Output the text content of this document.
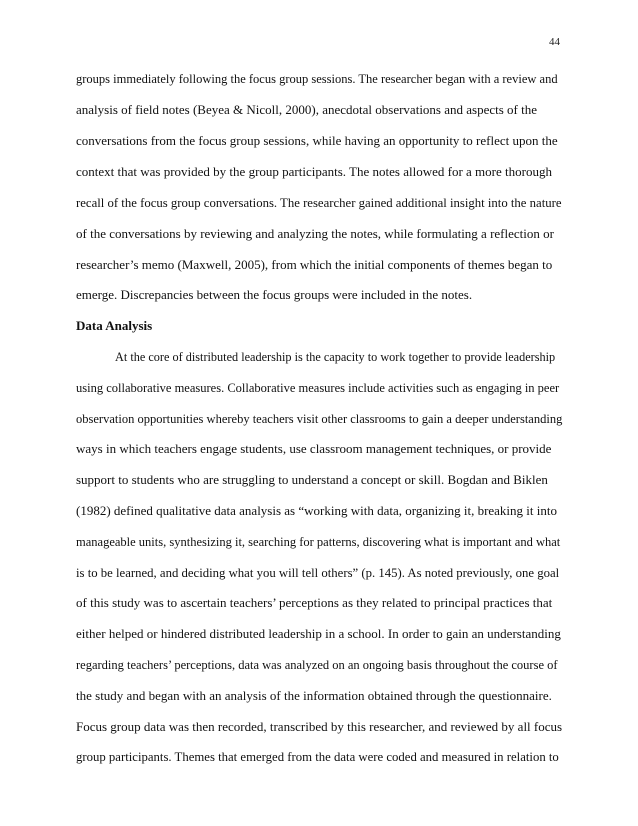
44
groups immediately following the focus group sessions. The researcher began with a review and
analysis of field notes (Beyea & Nicoll, 2000), anecdotal observations and aspects of the
conversations from the focus group sessions, while having an opportunity to reflect upon the
context that was provided by the group participants. The notes allowed for a more thorough
recall of the focus group conversations. The researcher gained additional insight into the nature
of the conversations by reviewing and analyzing the notes, while formulating a reflection or
researcher’s memo (Maxwell, 2005), from which the initial components of themes began to
emerge. Discrepancies between the focus groups were included in the notes.
Data Analysis
At the core of distributed leadership is the capacity to work together to provide leadership
using collaborative measures. Collaborative measures include activities such as engaging in peer
observation opportunities whereby teachers visit other classrooms to gain a deeper understanding
ways in which teachers engage students, use classroom management techniques, or provide
support to students who are struggling to understand a concept or skill. Bogdan and Biklen
(1982) defined qualitative data analysis as “working with data, organizing it, breaking it into
manageable units, synthesizing it, searching for patterns, discovering what is important and what
is to be learned, and deciding what you will tell others” (p. 145). As noted previously, one goal
of this study was to ascertain teachers’ perceptions as they related to principal practices that
either helped or hindered distributed leadership in a school. In order to gain an understanding
regarding teachers’ perceptions, data was analyzed on an ongoing basis throughout the course of
the study and began with an analysis of the information obtained through the questionnaire.
Focus group data was then recorded, transcribed by this researcher, and reviewed by all focus
group participants. Themes that emerged from the data were coded and measured in relation to
